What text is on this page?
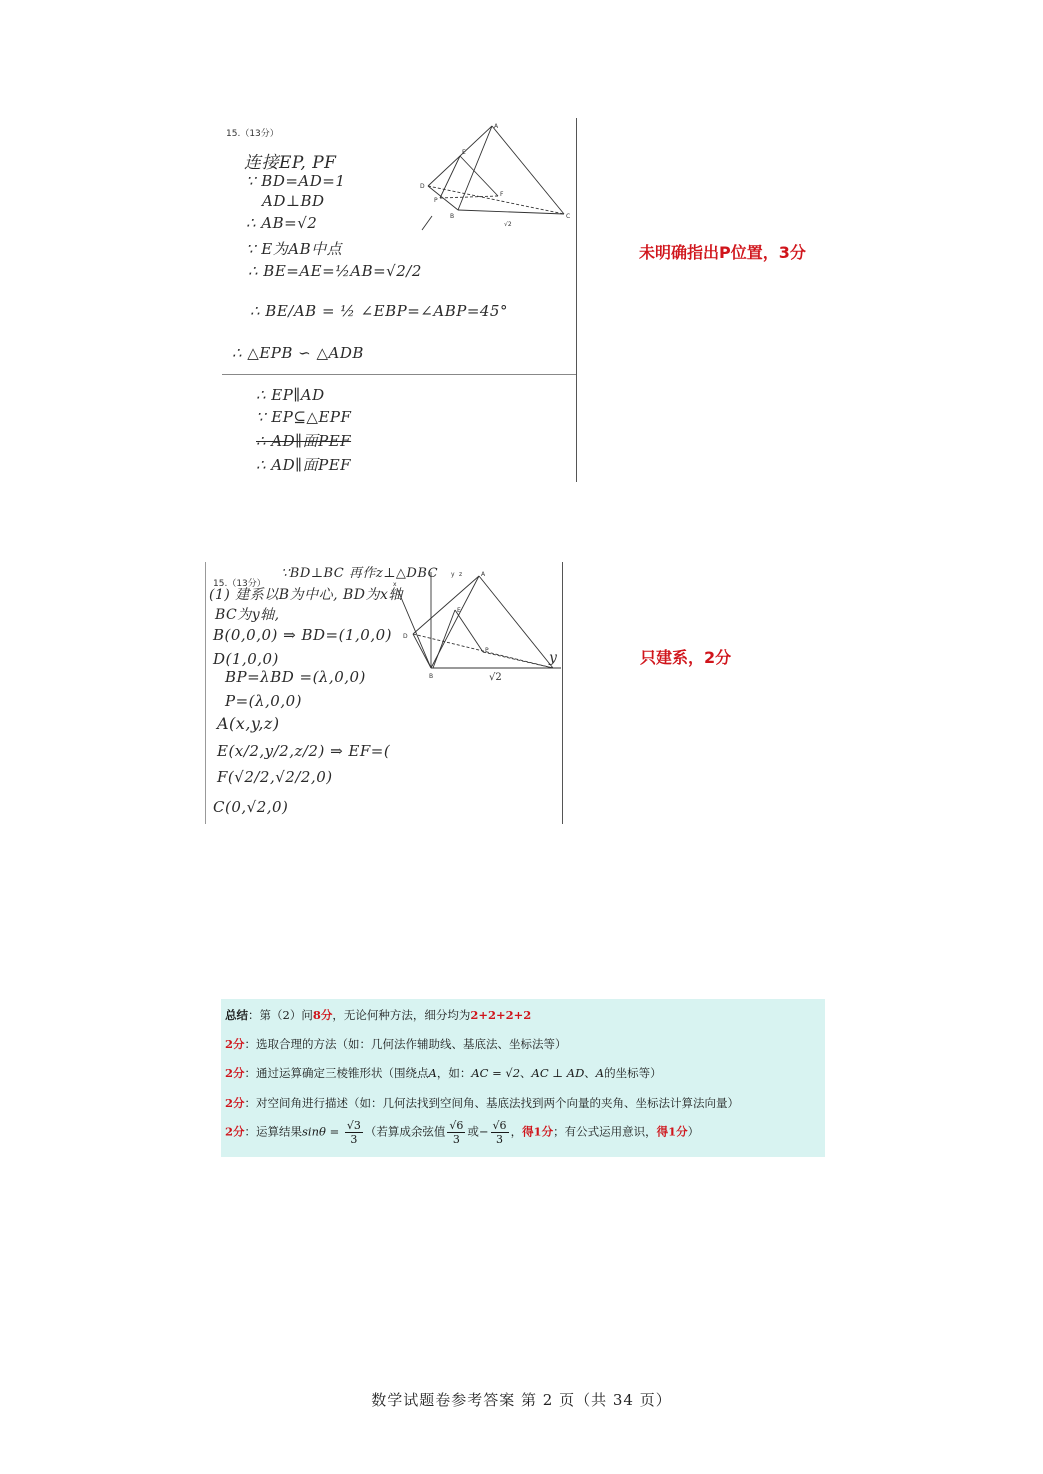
15.（13分）
连接EP, PF
∵ BD=AD=1
AD⊥BD
∴ AB=√2
∵ E为AB中点
∴ BE=AE=½AB=√2/2
∴ BE/AB = ½ ∠EBP=∠ABP=45°
∴ △EPB ∽ △ADB
∴ EP∥AD
∵ EP⊆△EPF
∴ AD∥面PEF
∴ AD∥面PEF
A
B	C
D
E
F
P
√2
未明确指出P位置，3分
15.（13分）
∵BD⊥BC 再作z⊥△DBC
(1) 建系以B为中心, BD为x轴
BC为y轴,
B(0,0,0) ⇒ BD=(1,0,0)
D(1,0,0)
BP=λBD =(λ,0,0)
P=(λ,0,0)
A(x,y,z)
E(x/2,y/2,z/2) ⇒ EF=(
F(√2/2,√2/2,0)
C(0,√2,0)
x
y z	A
B
D
E
P	y
√2
只建系，2分
总结：第（2）问8分，无论何种方法，细分均为2+2+2+2
2分：选取合理的方法（如：几何法作辅助线、基底法、坐标法等）
2分：通过运算确定三棱锥形状（围绕点A，如：AC = √2、AC ⊥ AD、A的坐标等）
2分：对空间角进行描述（如：几何法找到空间角、基底法找到两个向量的夹角、坐标法计算法向量）
2分：运算结果$\sin\theta = \frac{√3}{3}$ （若算成余弦值 $\frac{√6}{3}$ 或− $\frac{√6}{3}$ ，得1分；有公式运用意识，得1分）
数学试题卷参考答案 第 2 页（共 34 页）
